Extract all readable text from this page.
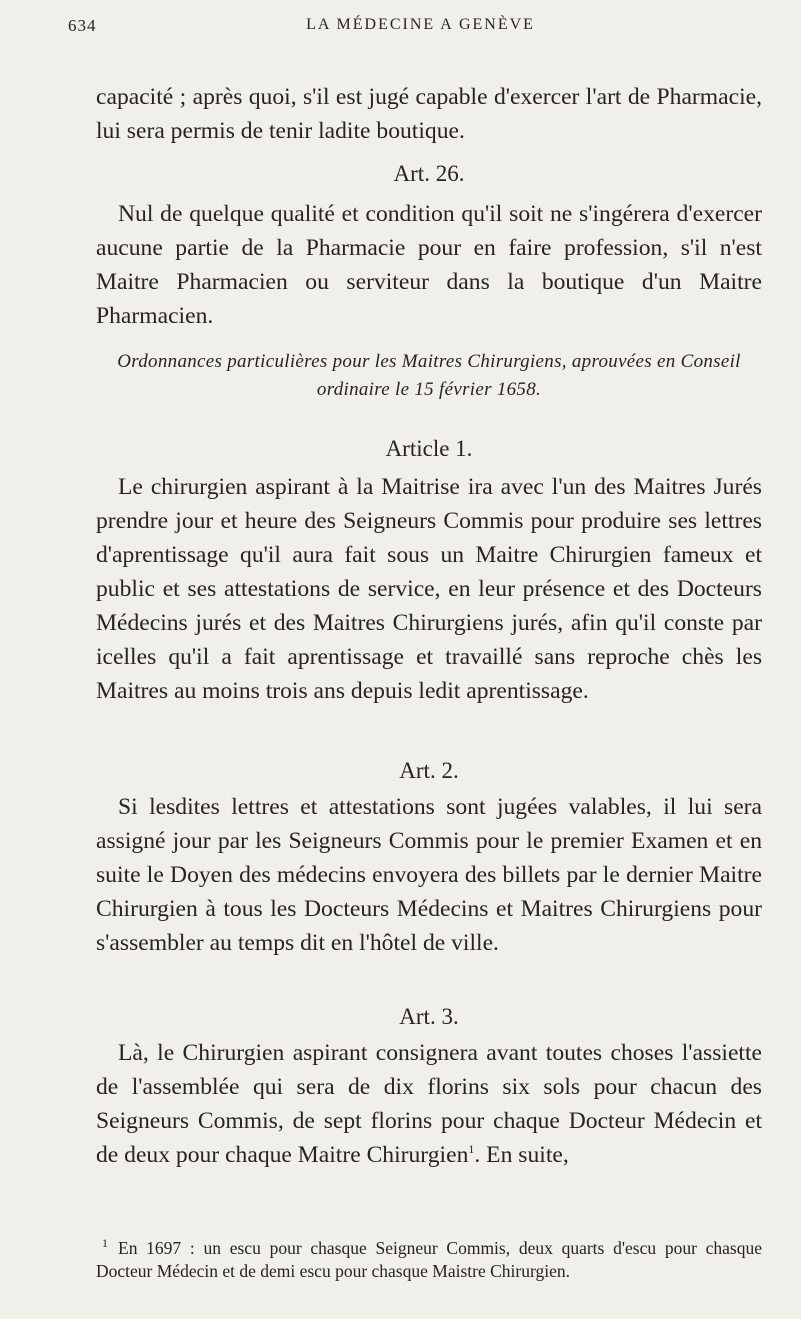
634	LA MÉDECINE A GENÈVE

capacité ; après quoi, s'il est jugé capable d'exercer l'art de Pharmacie, lui sera permis de tenir ladite boutique.

Art. 26.

Nul de quelque qualité et condition qu'il soit ne s'ingérera d'exercer aucune partie de la Pharmacie pour en faire profession, s'il n'est Maitre Pharmacien ou serviteur dans la boutique d'un Maitre Pharmacien.

Ordonnances particulières pour les Maitres Chirurgiens, aprouvées en Conseil ordinaire le 15 février 1658.

Article 1.

Le chirurgien aspirant à la Maitrise ira avec l'un des Maitres Jurés prendre jour et heure des Seigneurs Commis pour produire ses lettres d'aprentissage qu'il aura fait sous un Maitre Chirurgien fameux et public et ses attestations de service, en leur présence et des Docteurs Médecins jurés et des Maitres Chirurgiens jurés, afin qu'il conste par icelles qu'il a fait aprentissage et travaillé sans reproche chès les Maitres au moins trois ans depuis ledit aprentissage.

Art. 2.

Si lesdites lettres et attestations sont jugées valables, il lui sera assigné jour par les Seigneurs Commis pour le premier Examen et en suite le Doyen des médecins envoyera des billets par le dernier Maitre Chirurgien à tous les Docteurs Médecins et Maitres Chirurgiens pour s'assembler au temps dit en l'hôtel de ville.

Art. 3.

Là, le Chirurgien aspirant consignera avant toutes choses l'assiette de l'assemblée qui sera de dix florins six sols pour chacun des Seigneurs Commis, de sept florins pour chaque Docteur Médecin et de deux pour chaque Maitre Chirurgien$^1$. En suite,

$^1$ En 1697 : un escu pour chasque Seigneur Commis, deux quarts d'escu pour chasque Docteur Médecin et de demi escu pour chasque Maistre Chirurgien.
